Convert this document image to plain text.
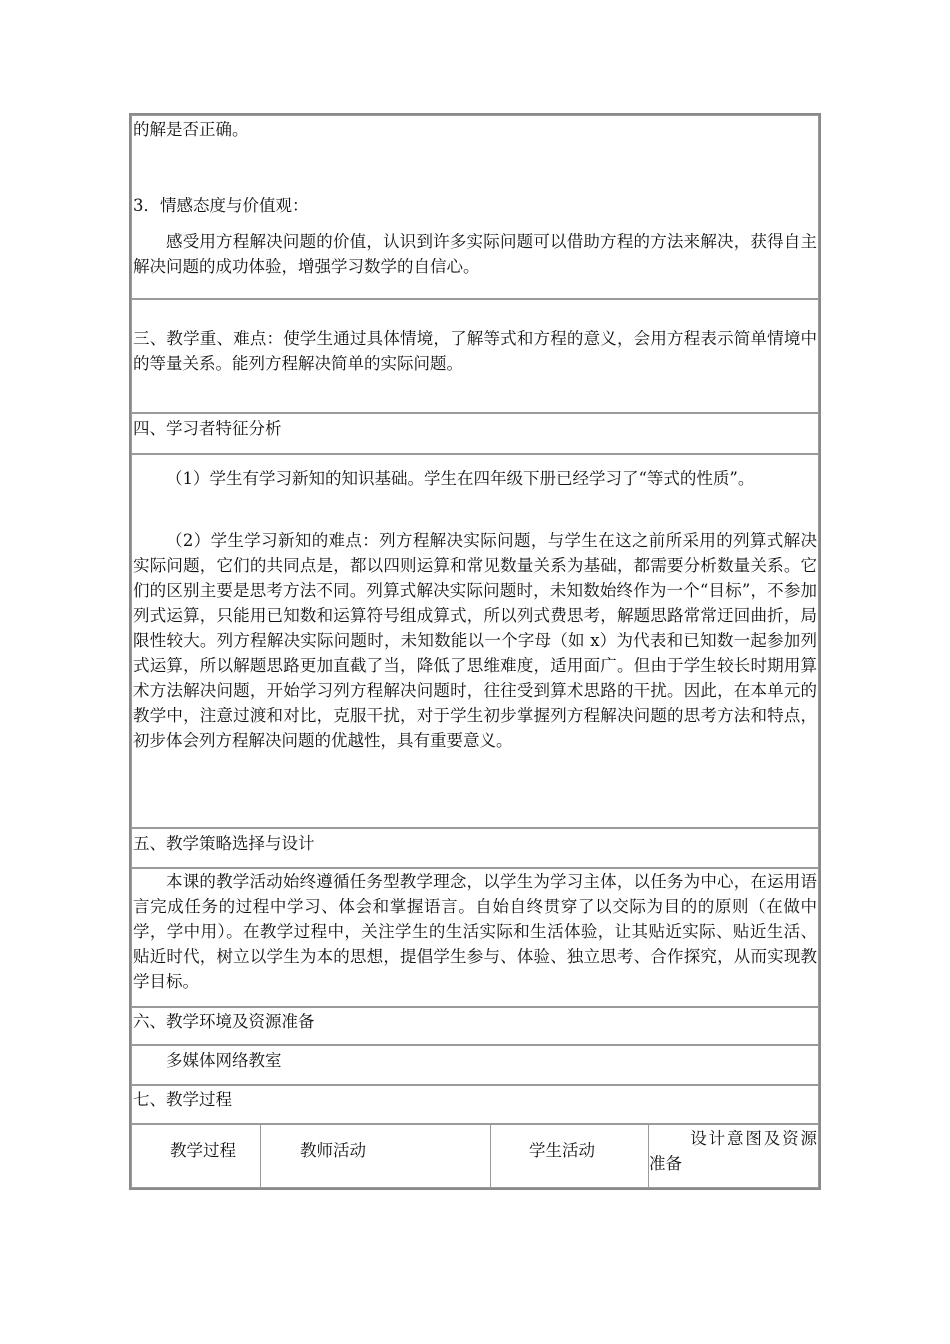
的解是否正确。
3．情感态度与价值观：
感受用方程解决问题的价值，认识到许多实际问题可以借助方程的方法来解决，获得自主解决问题的成功体验，增强学习数学的自信心。
三、教学重、难点：使学生通过具体情境，了解等式和方程的意义，会用方程表示简单情境中的等量关系。能列方程解决简单的实际问题。
四、学习者特征分析
（1）学生有学习新知的知识基础。学生在四年级下册已经学习了“等式的性质”。
（2）学生学习新知的难点：列方程解决实际问题，与学生在这之前所采用的列算式解决实际问题，它们的共同点是，都以四则运算和常见数量关系为基础，都需要分析数量关系。它们的区别主要是思考方法不同。列算式解决实际问题时，未知数始终作为一个“目标”，不参加列式运算，只能用已知数和运算符号组成算式，所以列式费思考，解题思路常常迂回曲折，局限性较大。列方程解决实际问题时，未知数能以一个字母（如 x）为代表和已知数一起参加列式运算，所以解题思路更加直截了当，降低了思维难度，适用面广。但由于学生较长时期用算术方法解决问题，开始学习列方程解决问题时，往往受到算术思路的干扰。因此，在本单元的教学中，注意过渡和对比，克服干扰，对于学生初步掌握列方程解决问题的思考方法和特点，初步体会列方程解决问题的优越性，具有重要意义。
五、教学策略选择与设计
本课的教学活动始终遵循任务型教学理念，以学生为学习主体，以任务为中心，在运用语言完成任务的过程中学习、体会和掌握语言。自始自终贯穿了以交际为目的的原则（在做中学，学中用）。在教学过程中，关注学生的生活实际和生活体验，让其贴近实际、贴近生活、贴近时代，树立以学生为本的思想，提倡学生参与、体验、独立思考、合作探究，从而实现教学目标。
六、教学环境及资源准备
多媒体网络教室
七、教学过程
教学过程	教师活动	学生活动
设计意图及资源准备
